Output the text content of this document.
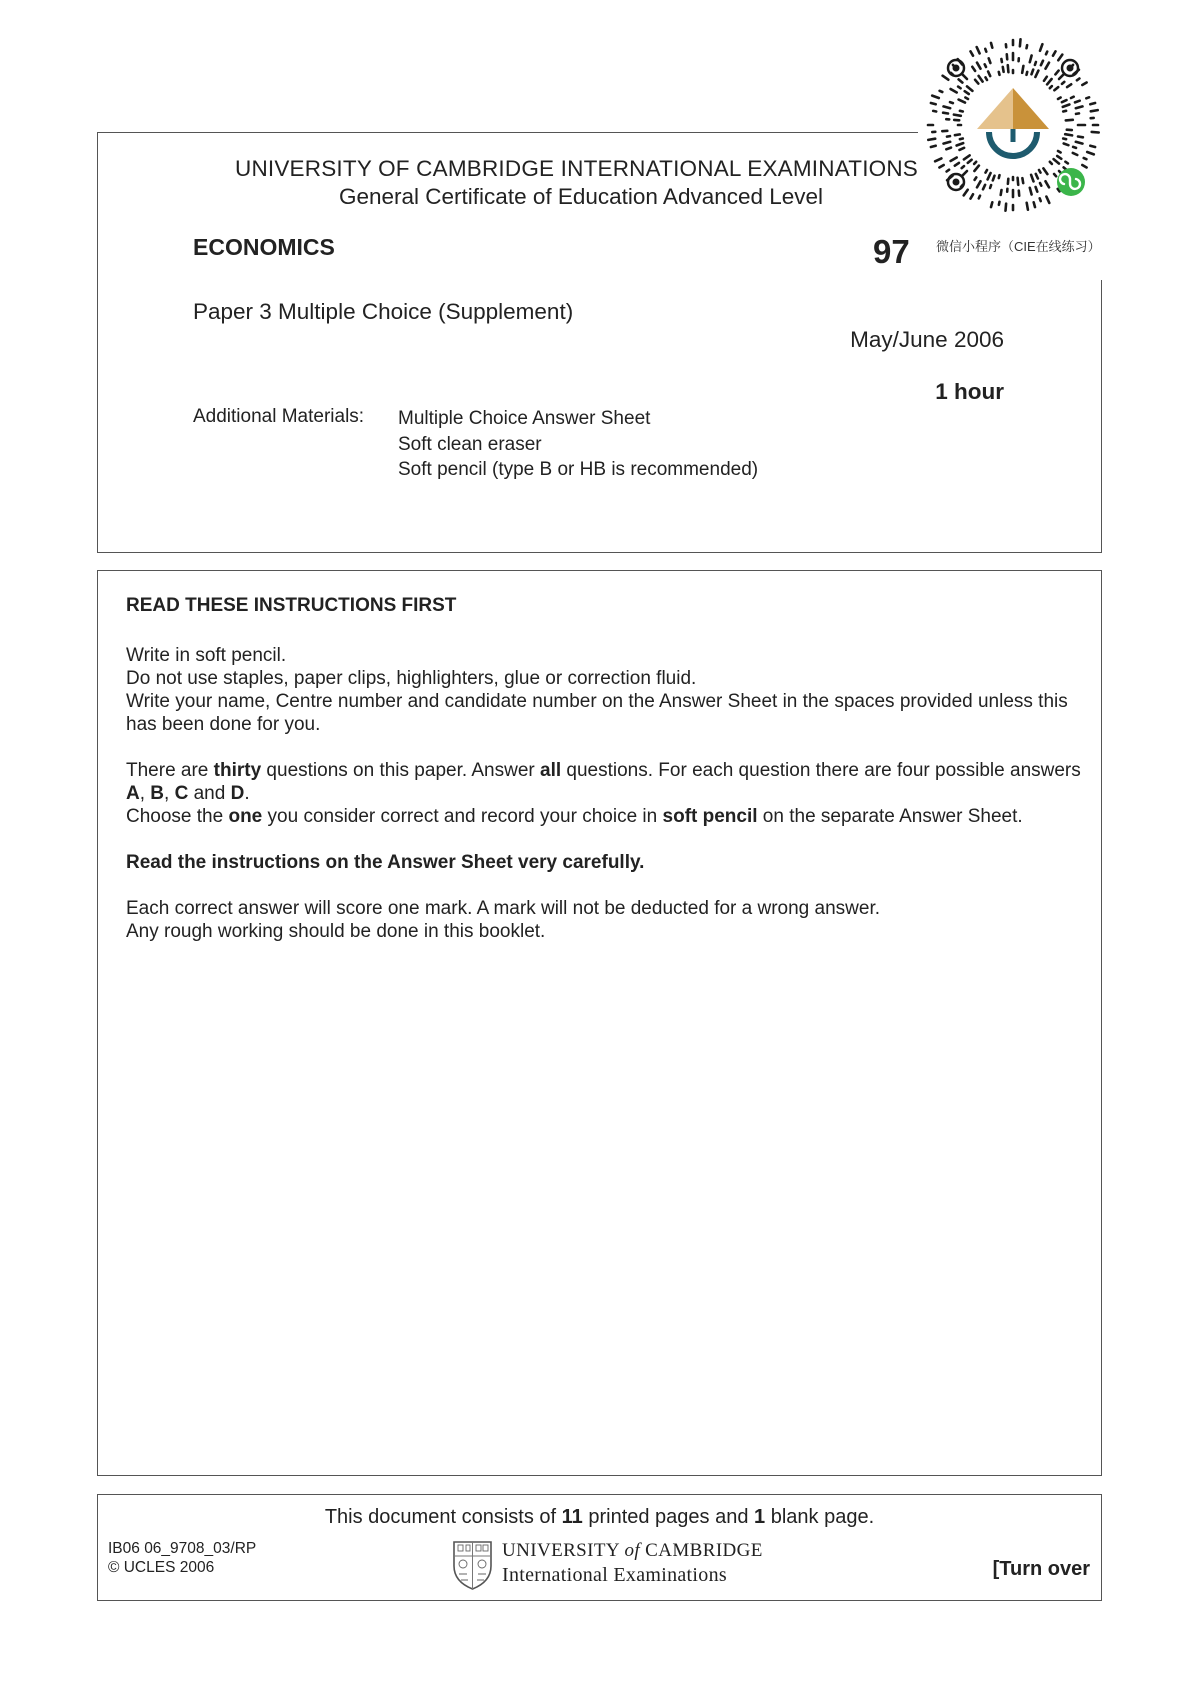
UNIVERSITY OF CAMBRIDGE INTERNATIONAL EXAMINATIONS
General Certificate of Education Advanced Level
ECONOMICS	97
Paper 3 Multiple Choice (Supplement)
May/June 2006
1 hour
Additional Materials: Multiple Choice Answer Sheet
Soft clean eraser
Soft pencil (type B or HB is recommended)
微信小程序（CIE在线练习）
READ THESE INSTRUCTIONS FIRST
Write in soft pencil.
Do not use staples, paper clips, highlighters, glue or correction fluid.
Write your name, Centre number and candidate number on the Answer Sheet in the spaces provided unless this has been done for you.
There are thirty questions on this paper. Answer all questions. For each question there are four possible answers A, B, C and D.
Choose the one you consider correct and record your choice in soft pencil on the separate Answer Sheet.
Read the instructions on the Answer Sheet very carefully.
Each correct answer will score one mark. A mark will not be deducted for a wrong answer.
Any rough working should be done in this booklet.
This document consists of 11 printed pages and 1 blank page.
IB06 06_9708_03/RP
© UCLES 2006
UNIVERSITY of CAMBRIDGE
International Examinations	[Turn over
